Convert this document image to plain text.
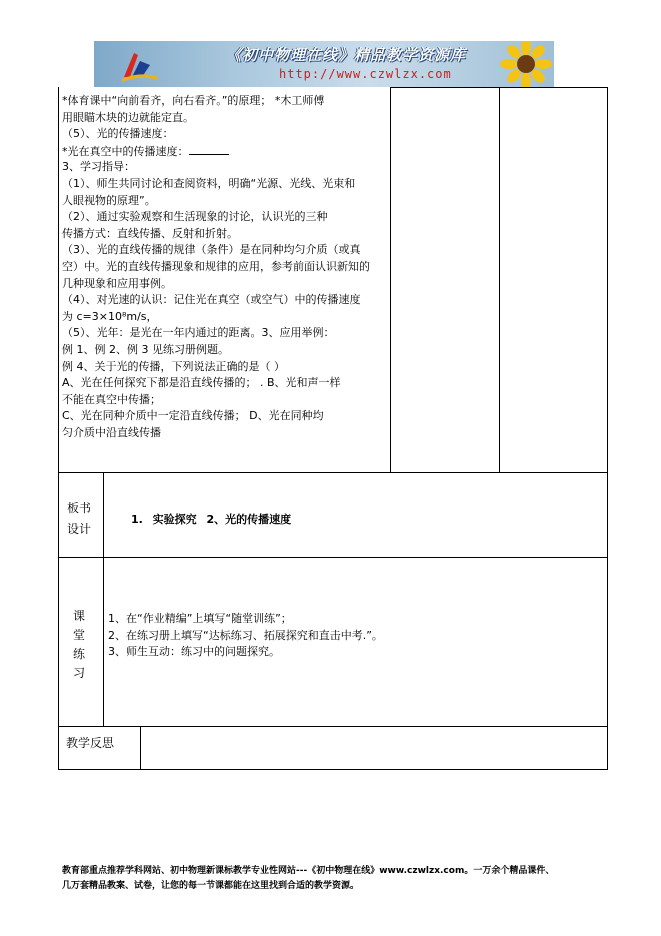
《初中物理在线》精品教学资源库
http://www.czwlzx.com
*体育课中“向前看齐，向右看齐。”的原理； *木工师傅
用眼瞄木块的边就能定直。
（5）、光的传播速度：
*光在真空中的传播速度：
3、学习指导：
（1）、师生共同讨论和查阅资料，明确“光源、光线、光束和
人眼视物的原理”。
（2）、通过实验观察和生活现象的讨论，认识光的三种
传播方式：直线传播、反射和折射。
（3）、光的直线传播的规律（条件）是在同种均匀介质（或真
空）中。光的直线传播现象和规律的应用，参考前面认识新知的
几种现象和应用事例。
（4）、对光速的认识：记住光在真空（或空气）中的传播速度
为 c=3×10⁸m/s，
（5）、光年：是光在一年内通过的距离。3、应用举例：
例 1、例 2、例 3 见练习册例题。
例 4、关于光的传播，下列说法正确的是（ ）
A、光在任何探究下都是沿直线传播的； . B、光和声一样
不能在真空中传播；
C、光在同种介质中一定沿直线传播； D、光在同种均
匀介质中沿直线传播
板书
设计
1. 实验探究 2、光的传播速度
课
堂
练
习
1、在“作业精编”上填写“随堂训练”；
2、在练习册上填写“达标练习、拓展探究和直击中考.”。
3、师生互动：练习中的问题探究。
教学反思
教育部重点推荐学科网站、初中物理新课标教学专业性网站---《初中物理在线》www.czwlzx.com。一万余个精品课件、
几万套精品教案、试卷，让您的每一节课都能在这里找到合适的教学资源。
